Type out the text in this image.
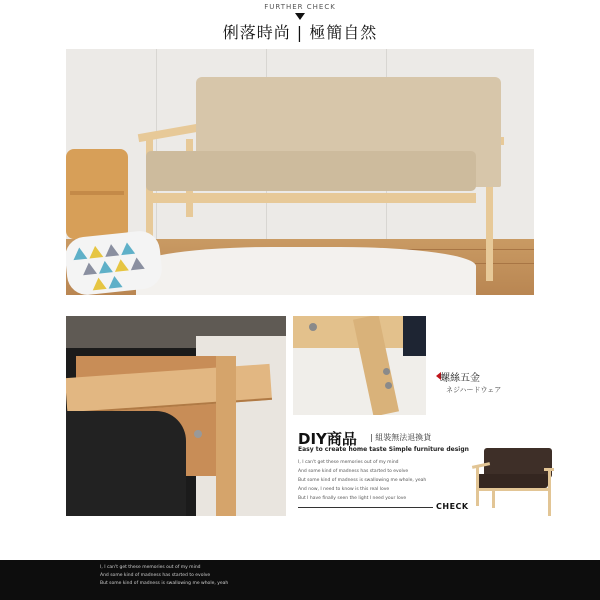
FURTHER CHECK
俐落時尚 | 極簡自然
螺絲五金
ネジハードウェア
DIY商品 | 組裝無法退換貨
Easy to create home taste Simple furniture design
I, I can't get these memories out of my mind
And some kind of madness has started to evolve
But some kind of madness is swallowing me whole, yeah
And now, I need to know is this real love
But I have finally seen the light I need your love
CHECK
I, I can't get these memories out of my mind
And some kind of madness has started to evolve
But some kind of madness is swallowing me whole, yeah
